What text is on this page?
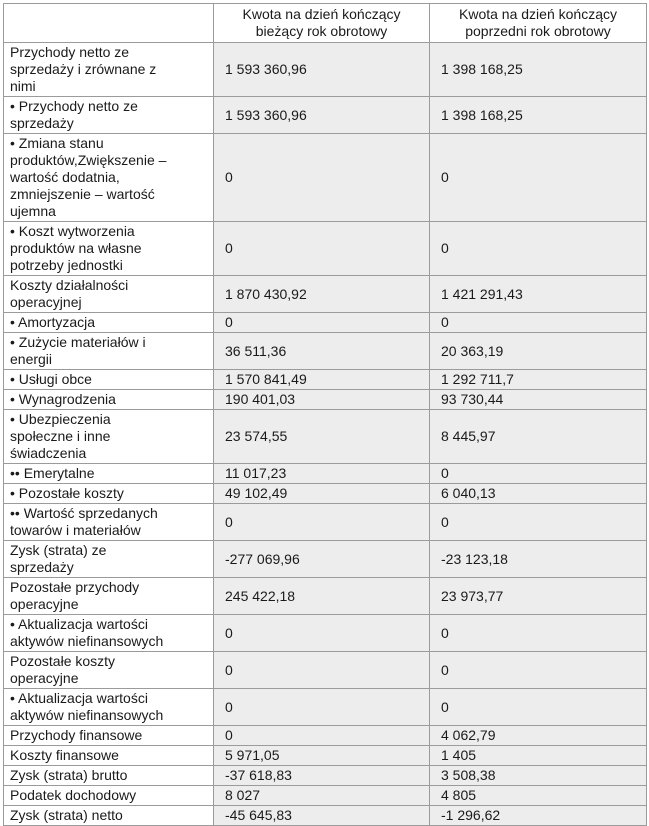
	Kwota na dzień kończący bieżący rok obrotowy	Kwota na dzień kończący poprzedni rok obrotowy
Przychody netto ze sprzedaży i zrównane z nimi	1 593 360,96	1 398 168,25
• Przychody netto ze sprzedaży	1 593 360,96	1 398 168,25
• Zmiana stanu produktów,Zwiększenie – wartość dodatnia, zmniejszenie – wartość ujemna	0	0
• Koszt wytworzenia produktów na własne potrzeby jednostki	0	0
Koszty działalności operacyjnej	1 870 430,92	1 421 291,43
• Amortyzacja	0	0
• Zużycie materiałów i energii	36 511,36	20 363,19
• Usługi obce	1 570 841,49	1 292 711,7
• Wynagrodzenia	190 401,03	93 730,44
• Ubezpieczenia społeczne i inne świadczenia	23 574,55	8 445,97
•• Emerytalne	11 017,23	0
• Pozostałe koszty	49 102,49	6 040,13
•• Wartość sprzedanych towarów i materiałów	0	0
Zysk (strata) ze sprzedaży	-277 069,96	-23 123,18
Pozostałe przychody operacyjne	245 422,18	23 973,77
• Aktualizacja wartości aktywów niefinansowych	0	0
Pozostałe koszty operacyjne	0	0
• Aktualizacja wartości aktywów niefinansowych	0	0
Przychody finansowe	0	4 062,79
Koszty finansowe	5 971,05	1 405
Zysk (strata) brutto	-37 618,83	3 508,38
Podatek dochodowy	8 027	4 805
Zysk (strata) netto	-45 645,83	-1 296,62
